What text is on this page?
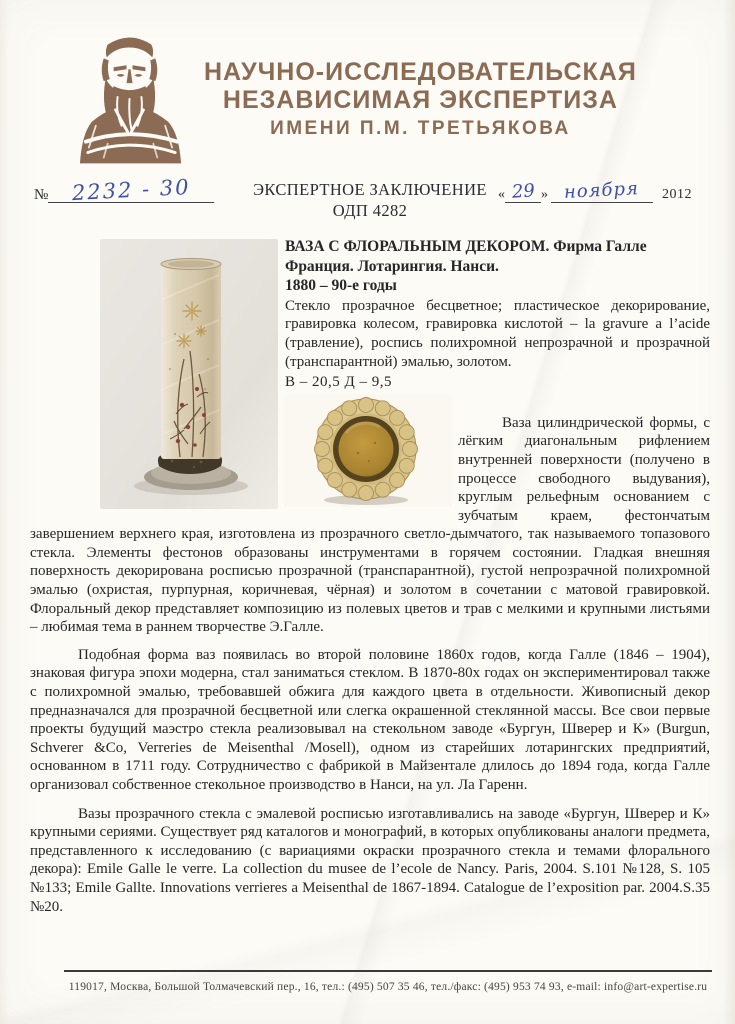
НАУЧНО-ИССЛЕДОВАТЕЛЬСКАЯ
НЕЗАВИСИМАЯ ЭКСПЕРТИЗА
ИМЕНИ П.М. ТРЕТЬЯКОВА
№ 2232 - 30	ЭКСПЕРТНОЕ ЗАКЛЮЧЕНИЕ
ОДП 4282
« 29 » ноября 2012
ВАЗА С ФЛОРАЛЬНЫМ ДЕКОРОМ. Фирма Галле
Франция. Лотарингия. Нанси.
1880 – 90-е годы

Стекло прозрачное бесцветное; пластическое декорирование, гравировка колесом, гравировка кислотой – la gravure a l’acide (травление), роспись полихромной непрозрачной и прозрачной (транспарантной) эмалью, золотом.

В – 20,5 Д – 9,5

Ваза цилиндрической формы, с лёгким диагональным рифлением внутренней поверхности (получено в процессе свободного выдувания), круглым рельефным основанием с зубчатым краем, фестончатым завершением верхнего края, изготовлена из прозрачного светло-дымчатого, так называемого топазового стекла. Элементы фестонов образованы инструментами в горячем состоянии. Гладкая внешняя поверхность декорирована росписью прозрачной (транспарантной), густой непрозрачной полихромной эмалью (охристая, пурпурная, коричневая, чёрная) и золотом в сочетании с матовой гравировкой. Флоральный декор представляет композицию из полевых цветов и трав с мелкими и крупными листьями – любимая тема в раннем творчестве Э.Галле.

Подобная форма ваз появилась во второй половине 1860х годов, когда Галле (1846 – 1904), знаковая фигура эпохи модерна, стал заниматься стеклом. В 1870-80х годах он экспериментировал также с полихромной эмалью, требовавшей обжига для каждого цвета в отдельности. Живописный декор предназначался для прозрачной бесцветной или слегка окрашенной стеклянной массы. Все свои первые проекты будущий маэстро стекла реализовывал на стекольном заводе «Бургун, Шверер и К» (Burgun, Schverer &Co, Verreries de Meisenthal /Mosell), одном из старейших лотарингских предприятий, основанном в 1711 году. Сотрудничество с фабрикой в Майзентале длилось до 1894 года, когда Галле организовал собственное стекольное производство в Нанси, на ул. Ла Гаренн.

Вазы прозрачного стекла с эмалевой росписью изготавливались на заводе «Бургун, Шверер и К» крупными сериями. Существует ряд каталогов и монографий, в которых опубликованы аналоги предмета, представленного к исследованию (с вариациями окраски прозрачного стекла и темами флорального декора): Emile Galle le verre. La collection du musee de l’ecole de Nancy. Paris, 2004. S.101 №128, S. 105 №133; Emile Gallte. Innovations verrieres a Meisenthal de 1867-1894. Catalogue de l’exposition par. 2004.S.35 №20.

119017, Москва, Большой Толмачевский пер., 16, тел.: (495) 507 35 46, тел./факс: (495) 953 74 93, e-mail: info@art-expertise.ru
